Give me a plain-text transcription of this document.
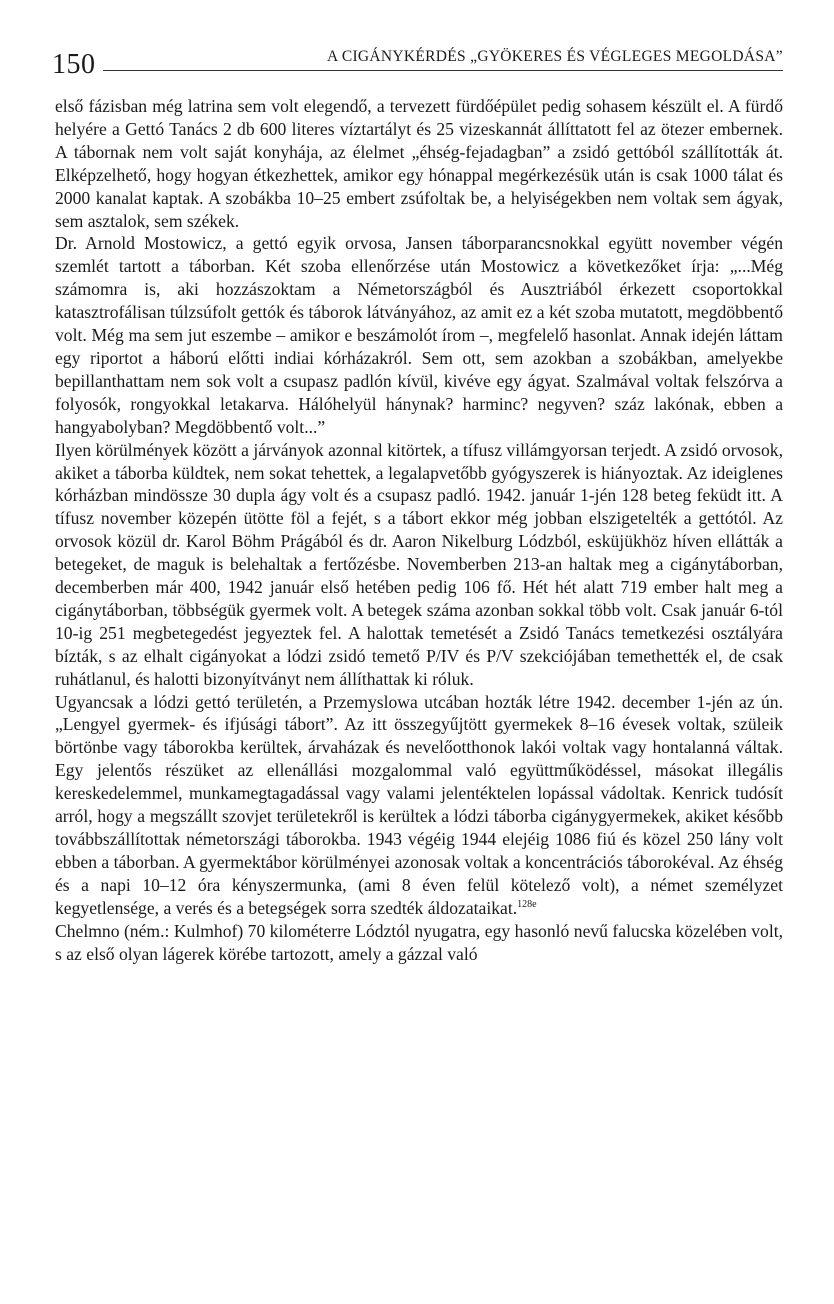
150	A CIGÁNYKÉRDÉS „GYÖKERES ÉS VÉGLEGES MEGOLDÁSA”

első fázisban még latrina sem volt elegendő, a tervezett fürdőépület pedig sohasem készült el. A fürdő helyére a Gettó Tanács 2 db 600 literes víztartályt és 25 vizeskannát állíttatott fel az ötezer embernek. A tábornak nem volt saját konyhája, az élelmet „éhség-fejadagban” a zsidó gettóból szállították át. Elképzelhető, hogy hogyan étkezhettek, amikor egy hónappal megérkezésük után is csak 1000 tálat és 2000 kanalat kaptak. A szobákba 10–25 embert zsúfoltak be, a helyiségekben nem voltak sem ágyak, sem asztalok, sem székek.

Dr. Arnold Mostowicz, a gettó egyik orvosa, Jansen táborparancsnokkal együtt november végén szemlét tartott a táborban. Két szoba ellenőrzése után Mostowicz a következőket írja: „...Még számomra is, aki hozzászoktam a Németországból és Ausztriából érkezett csoportokkal katasztrofálisan túlzsúfolt gettók és táborok látványához, az amit ez a két szoba mutatott, megdöbbentő volt. Még ma sem jut eszembe – amikor e beszámolót írom –, megfelelő hasonlat. Annak idején láttam egy riportot a háború előtti indiai kórházakról. Sem ott, sem azokban a szobákban, amelyekbe bepillanthattam nem sok volt a csupasz padlón kívül, kivéve egy ágyat. Szalmával voltak felszórva a folyosók, rongyokkal letakarva. Hálóhelyül hánynak? harminc? negyven? száz lakónak, ebben a hangyabolyban? Megdöbbentő volt...”

Ilyen körülmények között a járványok azonnal kitörtek, a tífusz villámgyorsan terjedt. A zsidó orvosok, akiket a táborba küldtek, nem sokat tehettek, a legalapvetőbb gyógyszerek is hiányoztak. Az ideiglenes kórházban mindössze 30 dupla ágy volt és a csupasz padló. 1942. január 1-jén 128 beteg feküdt itt. A tífusz november közepén ütötte föl a fejét, s a tábort ekkor még jobban elszigetelték a gettótól. Az orvosok közül dr. Karol Böhm Prágából és dr. Aaron Nikelburg Lódzból, esküjükhöz híven ellátták a betegeket, de maguk is belehaltak a fertőzésbe. Novemberben 213-an haltak meg a cigánytáborban, decemberben már 400, 1942 január első hetében pedig 106 fő. Hét hét alatt 719 ember halt meg a cigánytáborban, többségük gyermek volt. A betegek száma azonban sokkal több volt. Csak január 6-tól 10-ig 251 megbetegedést jegyeztek fel. A halottak temetését a Zsidó Tanács temetkezési osztályára bízták, s az elhalt cigányokat a lódzi zsidó temető P/IV és P/V szekciójában temethették el, de csak ruhátlanul, és halotti bizonyítványt nem állíthattak ki róluk.

Ugyancsak a lódzi gettó területén, a Przemyslowa utcában hozták létre 1942. december 1-jén az ún. „Lengyel gyermek- és ifjúsági tábort”. Az itt összegyűjtött gyermekek 8–16 évesek voltak, szüleik börtönbe vagy táborokba kerültek, árvaházak és nevelőotthonok lakói voltak vagy hontalanná váltak. Egy jelentős részüket az ellenállási mozgalommal való együttműködéssel, másokat illegális kereskedelemmel, munkamegtagadással vagy valami jelentéktelen lopással vádoltak. Kenrick tudósít arról, hogy a megszállt szovjet területekről is kerültek a lódzi táborba cigánygyermekek, akiket később továbbszállítottak németországi táborokba. 1943 végéig 1944 elejéig 1086 fiú és közel 250 lány volt ebben a táborban. A gyermektábor körülményei azonosak voltak a koncentrációs táborokéval. Az éhség és a napi 10–12 óra kényszermunka, (ami 8 éven felül kötelező volt), a német személyzet kegyetlensége, a verés és a betegségek sorra szedték áldozataikat.$^{128e}$

Chelmno (ném.: Kulmhof) 70 kilométerre Lództól nyugatra, egy hasonló nevű falucska közelében volt, s az első olyan lágerek körébe tartozott, amely a gázzal való
